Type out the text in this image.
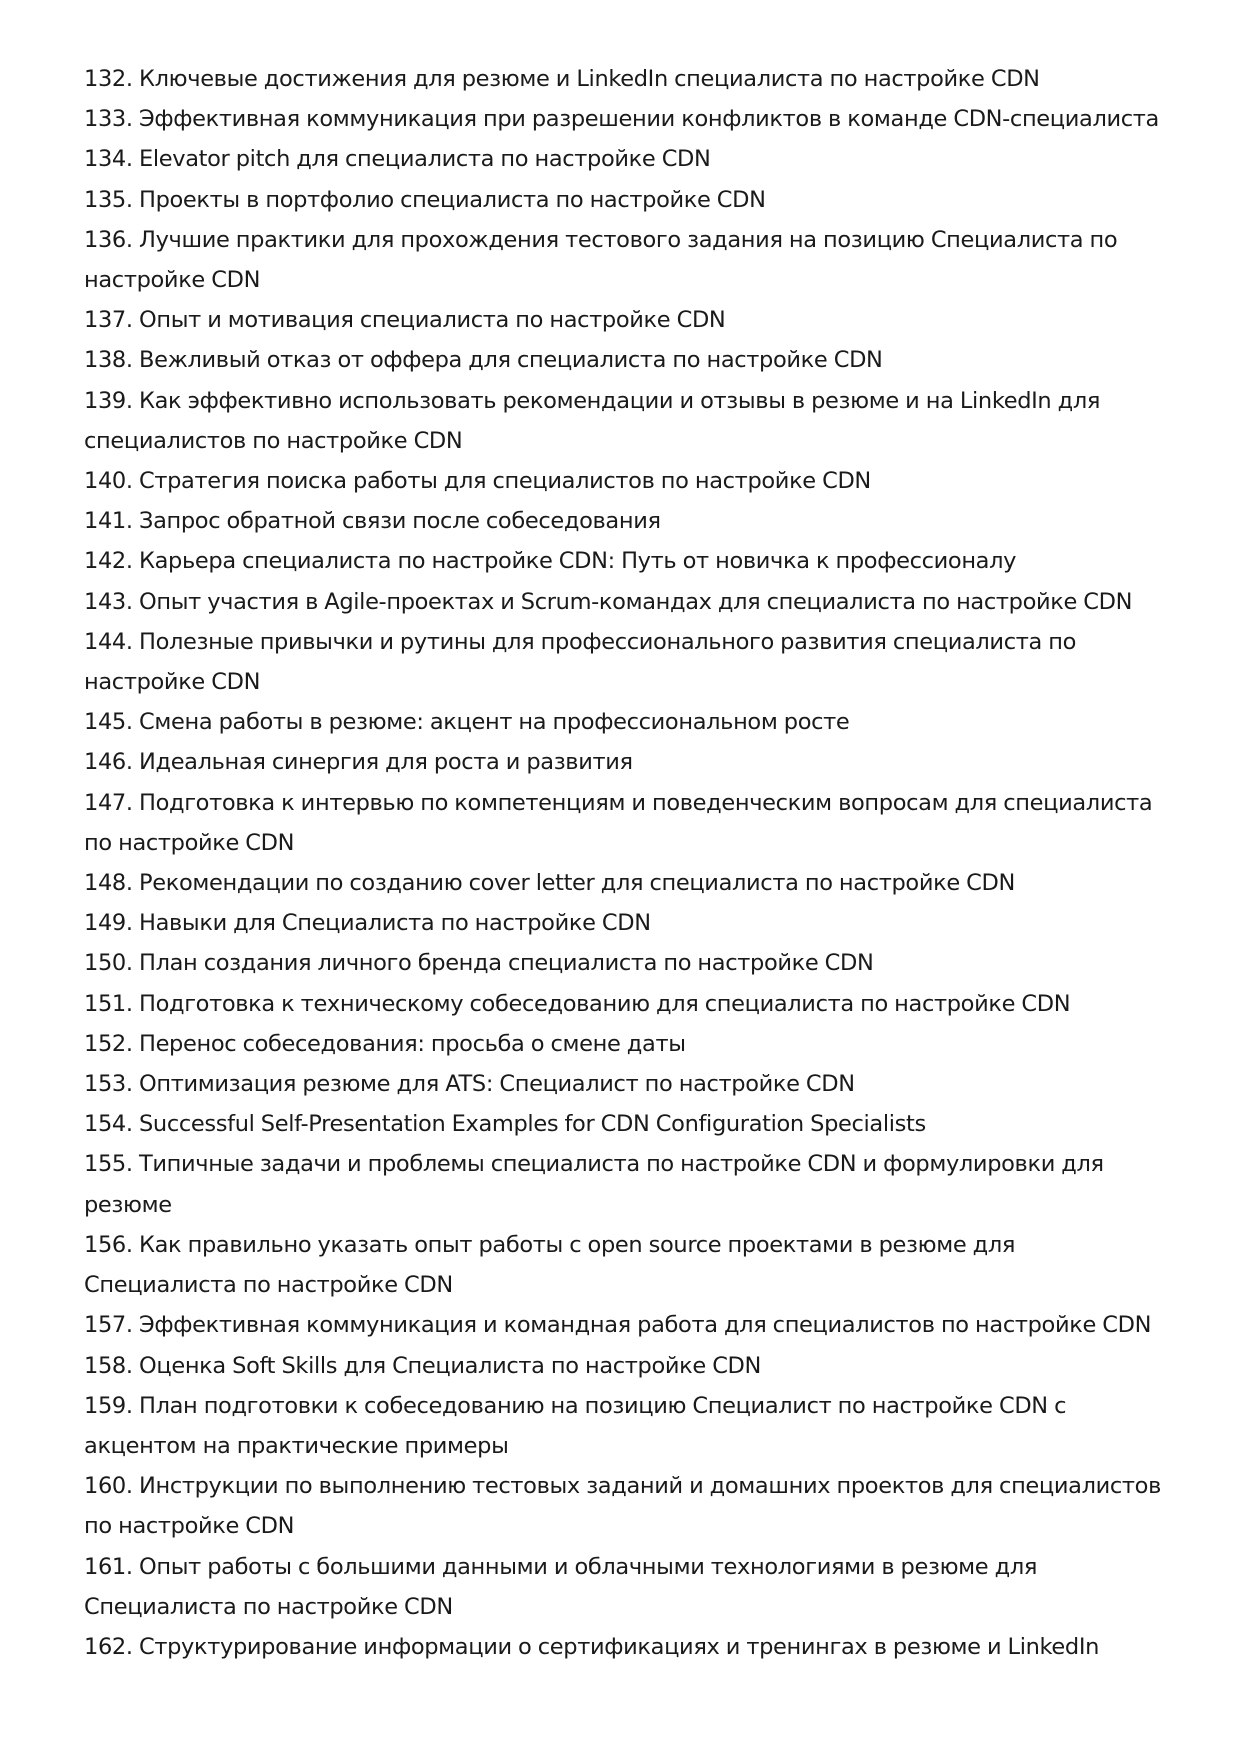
132. Ключевые достижения для резюме и LinkedIn специалиста по настройке CDN
133. Эффективная коммуникация при разрешении конфликтов в команде CDN-специалиста
134. Elevator pitch для специалиста по настройке CDN
135. Проекты в портфолио специалиста по настройке CDN
136. Лучшие практики для прохождения тестового задания на позицию Специалиста по настройке CDN
137. Опыт и мотивация специалиста по настройке CDN
138. Вежливый отказ от оффера для специалиста по настройке CDN
139. Как эффективно использовать рекомендации и отзывы в резюме и на LinkedIn для специалистов по настройке CDN
140. Стратегия поиска работы для специалистов по настройке CDN
141. Запрос обратной связи после собеседования
142. Карьера специалиста по настройке CDN: Путь от новичка к профессионалу
143. Опыт участия в Agile-проектах и Scrum-командах для специалиста по настройке CDN
144. Полезные привычки и рутины для профессионального развития специалиста по настройке CDN
145. Смена работы в резюме: акцент на профессиональном росте
146. Идеальная синергия для роста и развития
147. Подготовка к интервью по компетенциям и поведенческим вопросам для специалиста по настройке CDN
148. Рекомендации по созданию cover letter для специалиста по настройке CDN
149. Навыки для Специалиста по настройке CDN
150. План создания личного бренда специалиста по настройке CDN
151. Подготовка к техническому собеседованию для специалиста по настройке CDN
152. Перенос собеседования: просьба о смене даты
153. Оптимизация резюме для ATS: Специалист по настройке CDN
154. Successful Self-Presentation Examples for CDN Configuration Specialists
155. Типичные задачи и проблемы специалиста по настройке CDN и формулировки для резюме
156. Как правильно указать опыт работы с open source проектами в резюме для Специалиста по настройке CDN
157. Эффективная коммуникация и командная работа для специалистов по настройке CDN
158. Оценка Soft Skills для Специалиста по настройке CDN
159. План подготовки к собеседованию на позицию Специалист по настройке CDN с акцентом на практические примеры
160. Инструкции по выполнению тестовых заданий и домашних проектов для специалистов по настройке CDN
161. Опыт работы с большими данными и облачными технологиями в резюме для Специалиста по настройке CDN
162. Структурирование информации о сертификациях и тренингах в резюме и LinkedIn
